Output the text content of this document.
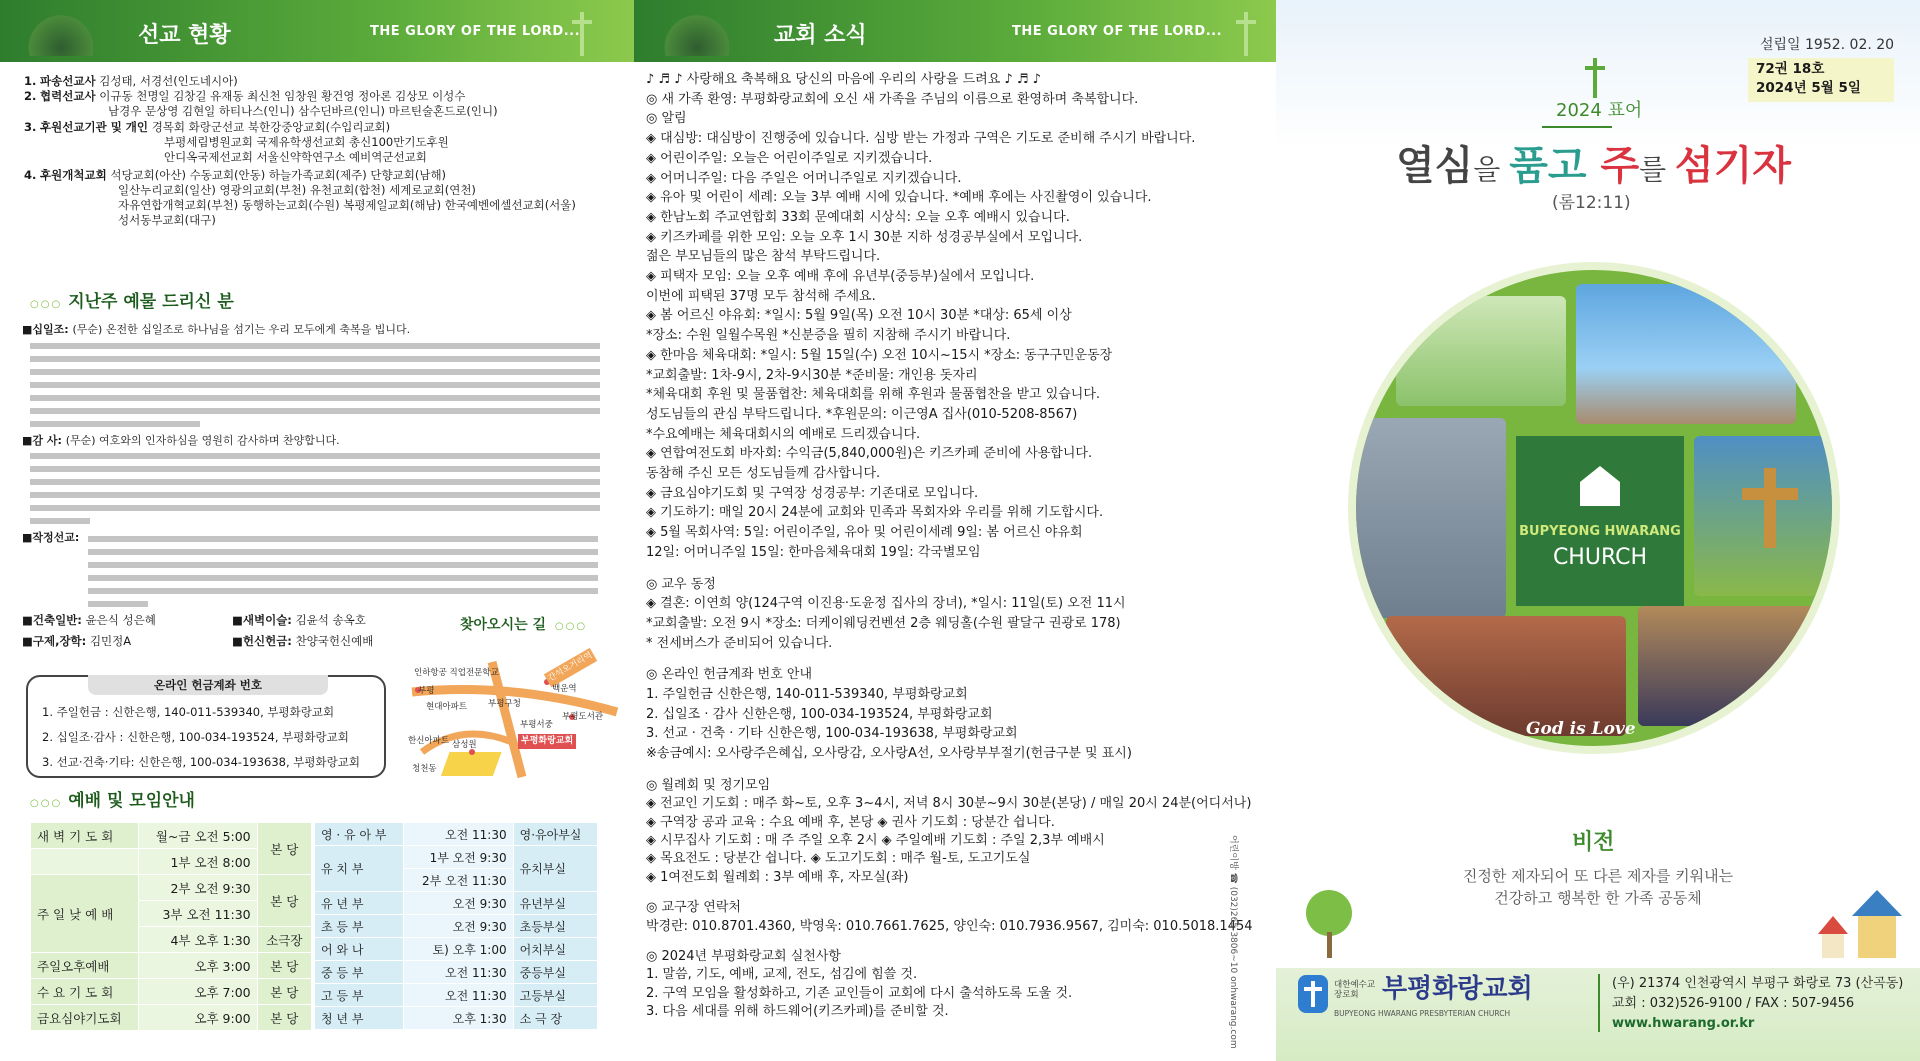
선교 현황	THE GLORY OF THE LORD...
1. 파송선교사 김성태, 서경선(인도네시아)
2. 협력선교사 이규동 천명일 김창길 유재동 최신천 임창원 황건영 정아론 김상모 이성수
남경우 문상영 김현일 하티나스(인니) 삼수딘바르(인니) 마르틴술혼드로(인니)
3. 후원선교기관 및 개인 경목회 화랑군선교 북한강중앙교회(수입리교회)
부평세림병원교회 국제유학생선교회 총신100만기도후원
안디옥국제선교회 서울신약학연구소 예비역군선교회
4. 후원개척교회 석당교회(아산) 수동교회(안동) 하늘가족교회(제주) 단향교회(남해)
일산누리교회(일산) 영광의교회(부천) 유천교회(합천) 세계로교회(연천)
자유연합개혁교회(부천) 동행하는교회(수원) 복평제일교회(해남) 한국예벤에셀선교회(서울)
성서동부교회(대구)
○○○ 지난주 예물 드리신 분
■십일조: (무순) 온전한 십일조로 하나님을 섬기는 우리 모두에게 축복을 빕니다.
■감 사: (무순) 여호와의 인자하심을 영원히 감사하며 찬양합니다.
■작정선교:
■건축일반: 윤은식 성은혜	■새벽이슬: 김윤석 송옥호
■구제,장학: 김민정A	■헌신헌금: 찬양국헌신예배
찾아오시는 길 ○○○
온라인 헌금계좌 번호
1. 주일헌금 : 신한은행, 140-011-539340, 부평화랑교회
2. 십일조·감사 : 신한은행, 100-034-193524, 부평화랑교회
3. 선교·건축·기타: 신한은행, 100-034-193638, 부평화랑교회
인하항공 직업전문학교	간석오거리역
백운역
부평
현대아파트 부평구청
부평도서관
한신아파트 삼성원
부평서중
부평화랑교회
청천동
○○○ 예배 및 모임안내
새 벽 기 도 회	월~금 오전 5:00	본 당
	1부 오전 8:00	
주 일 낮 예 배	2부 오전 9:30	본 당
	3부 오전 11:30	
	4부 오후 1:30	소극장
주일오후예배	오후 3:00	본 당
수 요 기 도 회	오후 7:00	본 당
금요심야기도회	오후 9:00	본 당
영 · 유 아 부	오전 11:30	영·유아부실
유 치 부	1부 오전 9:30	유치부실
	2부 오전 11:30	
유 년 부	오전 9:30	유년부실
초 등 부	오전 9:30	초등부실
어 와 나	토) 오후 1:00	어치부실
중 등 부	오전 11:30	중등부실
고 등 부	오전 11:30	고등부실
청 년 부	오후 1:30	소 극 장
교회 소식	THE GLORY OF THE LORD...
♪ ♬ ♪ 사랑해요 축복해요 당신의 마음에 우리의 사랑을 드려요 ♪ ♬ ♪
◎ 새 가족 환영: 부평화랑교회에 오신 새 가족을 주님의 이름으로 환영하며 축복합니다.
◎ 알림
◈ 대심방: 대심방이 진행중에 있습니다. 심방 받는 가정과 구역은 기도로 준비해 주시기 바랍니다.
◈ 어린이주일: 오늘은 어린이주일로 지키겠습니다.
◈ 어머니주일: 다음 주일은 어머니주일로 지키겠습니다.
◈ 유아 및 어린이 세례: 오늘 3부 예배 시에 있습니다. *예배 후에는 사진촬영이 있습니다.
◈ 한남노회 주교연합회 33회 문예대회 시상식: 오늘 오후 예배시 있습니다.
◈ 키즈카페를 위한 모임: 오늘 오후 1시 30분 지하 성경공부실에서 모입니다.
젊은 부모님들의 많은 참석 부탁드립니다.
◈ 피택자 모임: 오늘 오후 예배 후에 유년부(중등부)실에서 모입니다.
이번에 피택된 37명 모두 참석해 주세요.
◈ 봄 어르신 야유회: *일시: 5월 9일(목) 오전 10시 30분 *대상: 65세 이상
*장소: 수원 일월수목원 *신분증을 필히 지참해 주시기 바랍니다.
◈ 한마음 체육대회: *일시: 5월 15일(수) 오전 10시~15시 *장소: 동구구민운동장
*교회출발: 1차-9시, 2차-9시30분 *준비물: 개인용 돗자리
*체육대회 후원 및 물품협찬: 체육대회를 위해 후원과 물품협찬을 받고 있습니다.
성도님들의 관심 부탁드립니다. *후원문의: 이근영A 집사(010-5208-8567)
*수요예배는 체육대회시의 예배로 드리겠습니다.
◈ 연합여전도회 바자회: 수익금(5,840,000원)은 키즈카페 준비에 사용합니다.
동참해 주신 모든 성도님들께 감사합니다.
◈ 금요심야기도회 및 구역장 성경공부: 기존대로 모입니다.
◈ 기도하기: 매일 20시 24분에 교회와 민족과 목회자와 우리를 위해 기도합시다.
◈ 5월 목회사역: 5일: 어린이주일, 유아 및 어린이세례 9일: 봄 어르신 야유회
12일: 어머니주일 15일: 한마음체육대회 19일: 각국별모임
◎ 교우 동정
◈ 결혼: 이연희 양(124구역 이진용·도윤정 집사의 장녀), *일시: 11일(토) 오전 11시
*교회출발: 오전 9시 *장소: 더케이웨딩컨벤션 2층 웨딩홀(수원 팔달구 권광로 178)
* 전세버스가 준비되어 있습니다.
◎ 온라인 헌금계좌 번호 안내
1. 주일헌금 신한은행, 140-011-539340, 부평화랑교회
2. 십일조 · 감사 신한은행, 100-034-193524, 부평화랑교회
3. 선교 · 건축 · 기타 신한은행, 100-034-193638, 부평화랑교회
※송금예시: 오사랑주은혜십, 오사랑감, 오사랑A선, 오사랑부부절기(헌금구분 및 표시)
◎ 월례회 및 정기모임
◈ 전교인 기도회 : 매주 화~토, 오후 3~4시, 저녁 8시 30분~9시 30분(본당) / 매일 20시 24분(어디서나)
◈ 구역장 공과 교육 : 수요 예배 후, 본당 ◈ 권사 기도회 : 당분간 쉽니다.
◈ 시무집사 기도회 : 매 주 주일 오후 2시 ◈ 주일예배 기도회 : 주일 2,3부 예배시
◈ 목요전도 : 당분간 쉽니다. ◈ 도고기도회 : 매주 월-토, 도고기도실
◈ 1여전도회 월례회 : 3부 예배 후, 자모실(좌)
◎ 교구장 연락처
박경란: 010.8701.4360, 박영욱: 010.7661.7625, 양인숙: 010.7936.9567, 김미숙: 010.5018.1454
◎ 2024년 부평화랑교회 실천사항
1. 말씀, 기도, 예배, 교제, 전도, 섬김에 힘쓸 것.
2. 구역 모임을 활성화하고, 기존 교인들이 교회에 다시 출석하도록 도울 것.
3. 다음 세대를 위해 하드웨어(키즈카페)를 준비할 것.	어린이방 ☎ (032)265-3806~10 onhwarang.com
설립일 1952. 02. 20
72권 18호
2024년 5월 5일
2024 표어
열심을 품고 주를 섬기자
(롬12:11)
BUPYEONG HWARANG
CHURCH
God is Love
비전
진정한 제자되어 또 다른 제자를 키워내는
건강하고 행복한 한 가족 공동체
대한예수교 장로회 부평화랑교회
BUPYEONG HWARANG PRESBYTERIAN CHURCH
(우) 21374 인천광역시 부평구 화랑로 73 (산곡동)
교회 : 032)526-9100 / FAX : 507-9456
www.hwarang.or.kr
